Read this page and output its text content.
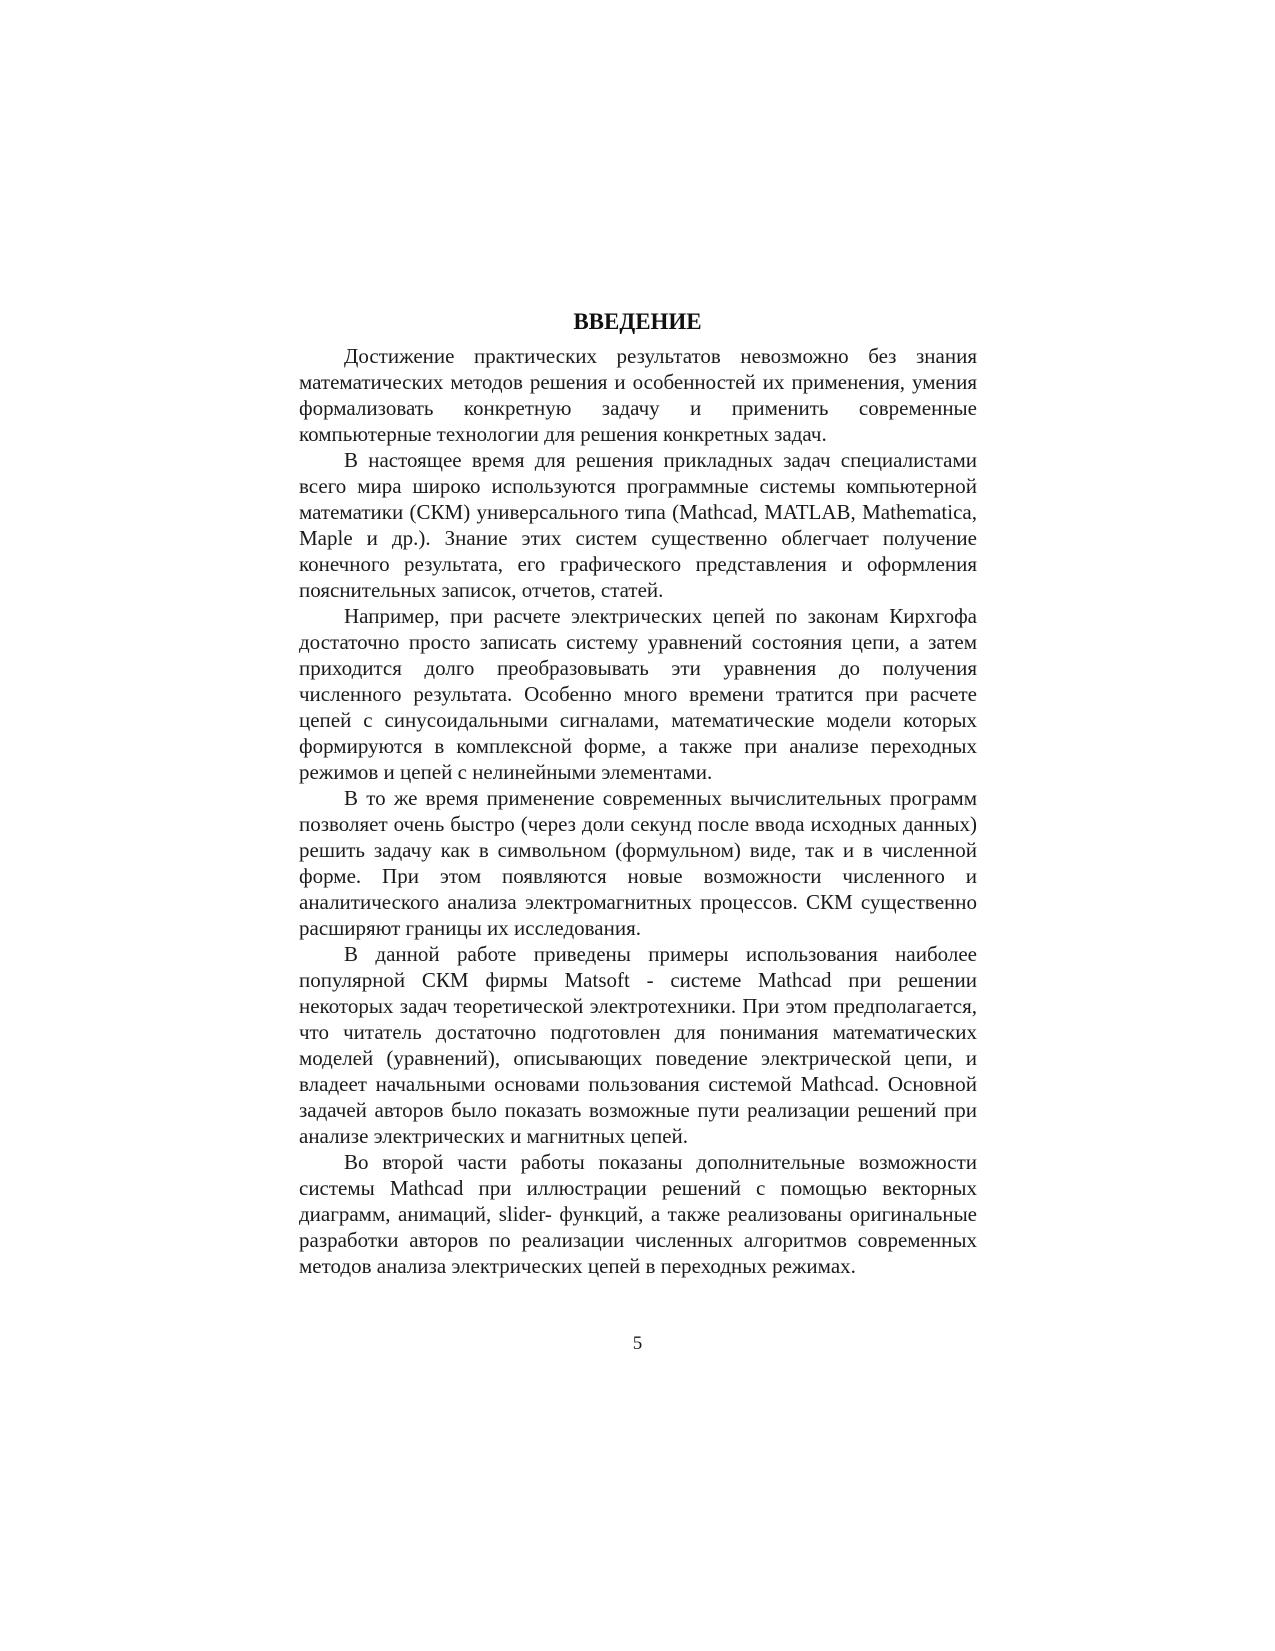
ВВЕДЕНИЕ

Достижение практических результатов невозможно без знания математических методов решения и особенностей их применения, умения формализовать конкретную задачу и применить современные компьютерные технологии для решения конкретных задач.

В настоящее время для решения прикладных задач специалистами всего мира широко используются программные системы компьютерной математики (СКМ) универсального типа (Mathcad, MATLAB, Mathematica, Maple и др.). Знание этих систем существенно облегчает получение конечного результата, его графического представления и оформления пояснительных записок, отчетов, статей.

Например, при расчете электрических цепей по законам Кирхгофа достаточно просто записать систему уравнений состояния цепи, а затем приходится долго преобразовывать эти уравнения до получения численного результата. Особенно много времени тратится при расчете цепей с синусоидальными сигналами, математические модели которых формируются в комплексной форме, а также при анализе переходных режимов и цепей с нелинейными элементами.

В то же время применение современных вычислительных программ позволяет очень быстро (через доли секунд после ввода исходных данных) решить задачу как в символьном (формульном) виде, так и в численной форме. При этом появляются новые возможности численного и аналитического анализа электромагнитных процессов. СКМ существенно расширяют границы их исследования.

В данной работе приведены примеры использования наиболее популярной СКМ фирмы Matsoft - системе Mathcad при решении некоторых задач теоретической электротехники. При этом предполагается, что читатель достаточно подготовлен для понимания математических моделей (уравнений), описывающих поведение электрической цепи, и владеет начальными основами пользования системой Mathcad. Основной задачей авторов было показать возможные пути реализации решений при анализе электрических и магнитных цепей.

Во второй части работы показаны дополнительные возможности системы Mathcad при иллюстрации решений с помощью векторных диаграмм, анимаций, slider- функций, а также реализованы оригинальные разработки авторов по реализации численных алгоритмов современных методов анализа электрических цепей в переходных режимах.

5
